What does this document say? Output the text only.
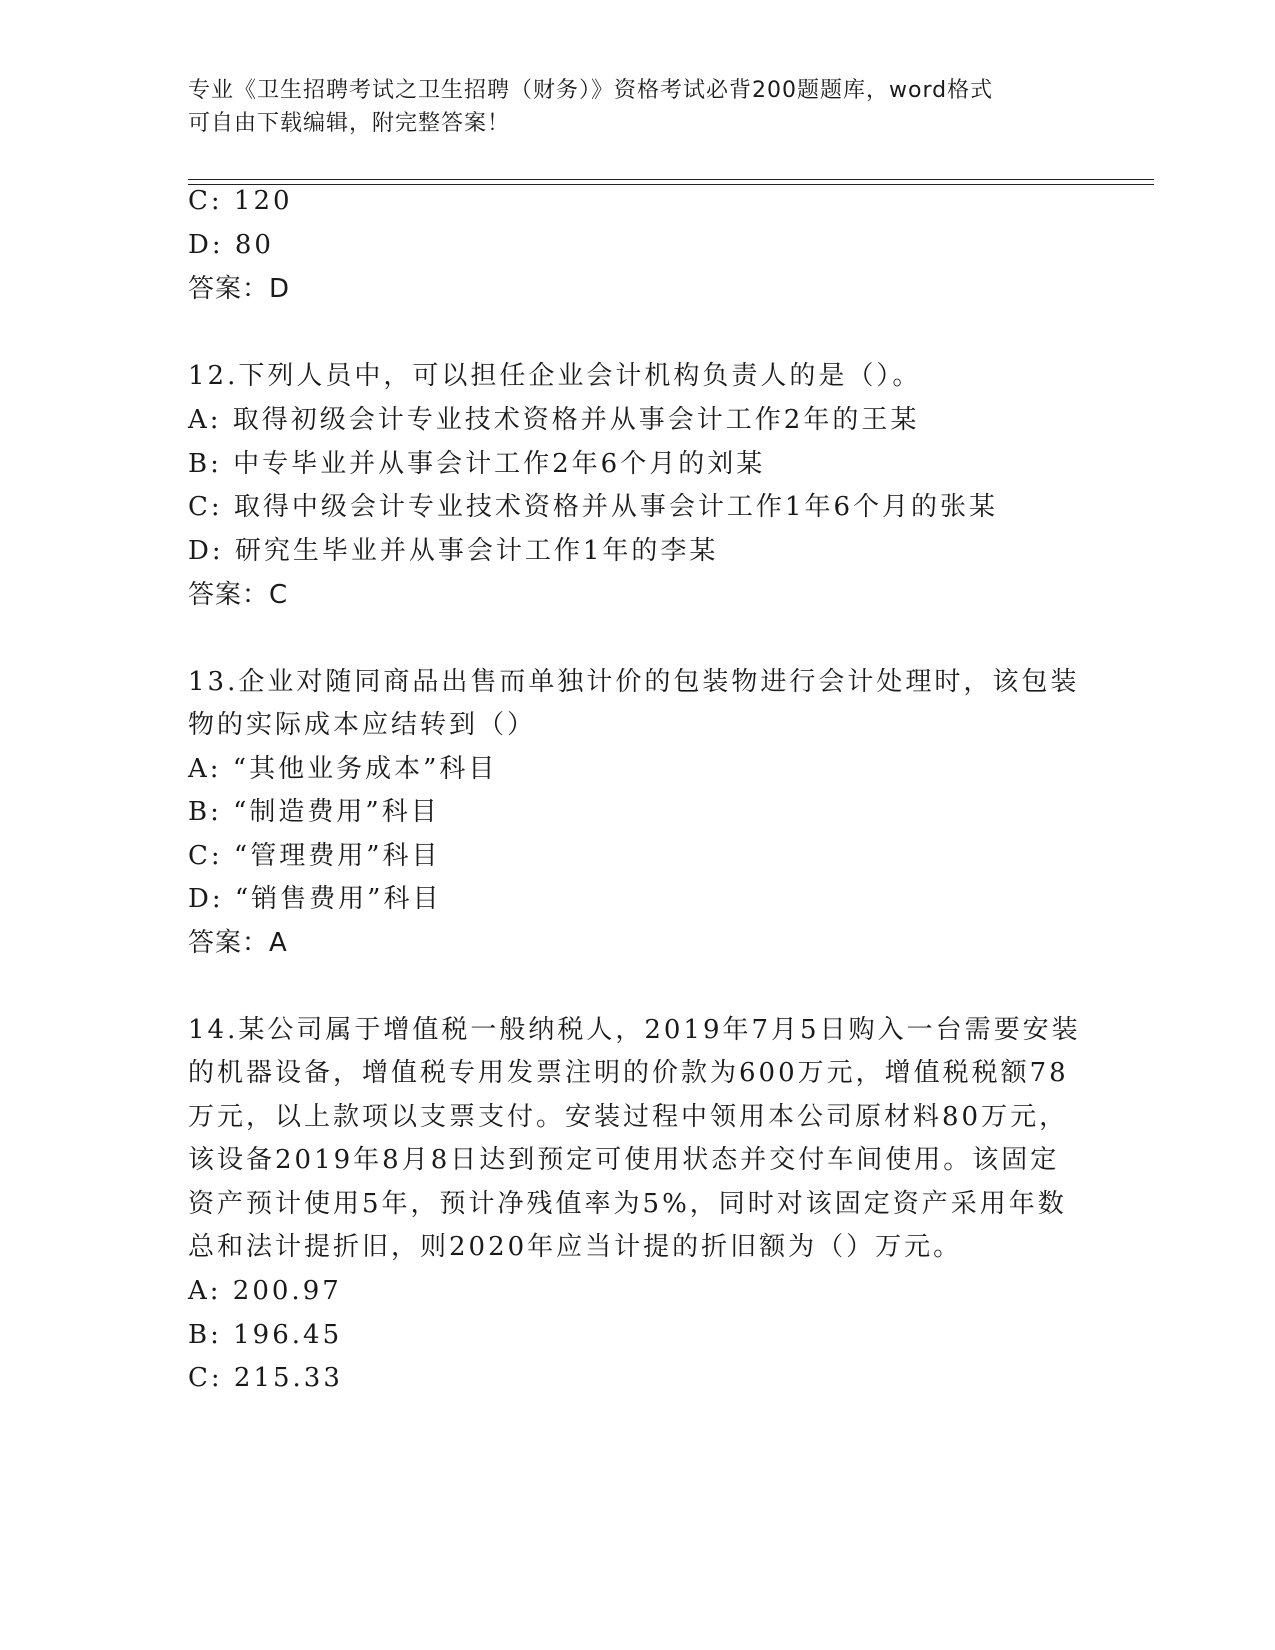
专业《卫生招聘考试之卫生招聘（财务）》资格考试必背200题题库，word格式
可自由下载编辑，附完整答案！
C: 120
D: 80
答案：D
12.下列人员中，可以担任企业会计机构负责人的是（）。
A: 取得初级会计专业技术资格并从事会计工作2年的王某
B: 中专毕业并从事会计工作2年6个月的刘某
C: 取得中级会计专业技术资格并从事会计工作1年6个月的张某
D: 研究生毕业并从事会计工作1年的李某
答案：C
13.企业对随同商品出售而单独计价的包装物进行会计处理时，该包装
物的实际成本应结转到（）
A: “其他业务成本”科目
B: “制造费用”科目
C: “管理费用”科目
D: “销售费用”科目
答案：A
14.某公司属于增值税一般纳税人，2019年7月5日购入一台需要安装
的机器设备，增值税专用发票注明的价款为600万元，增值税税额78
万元，以上款项以支票支付。安装过程中领用本公司原材料80万元，
该设备2019年8月8日达到预定可使用状态并交付车间使用。该固定
资产预计使用5年，预计净残值率为5%，同时对该固定资产采用年数
总和法计提折旧，则2020年应当计提的折旧额为（）万元。
A: 200.97
B: 196.45
C: 215.33
